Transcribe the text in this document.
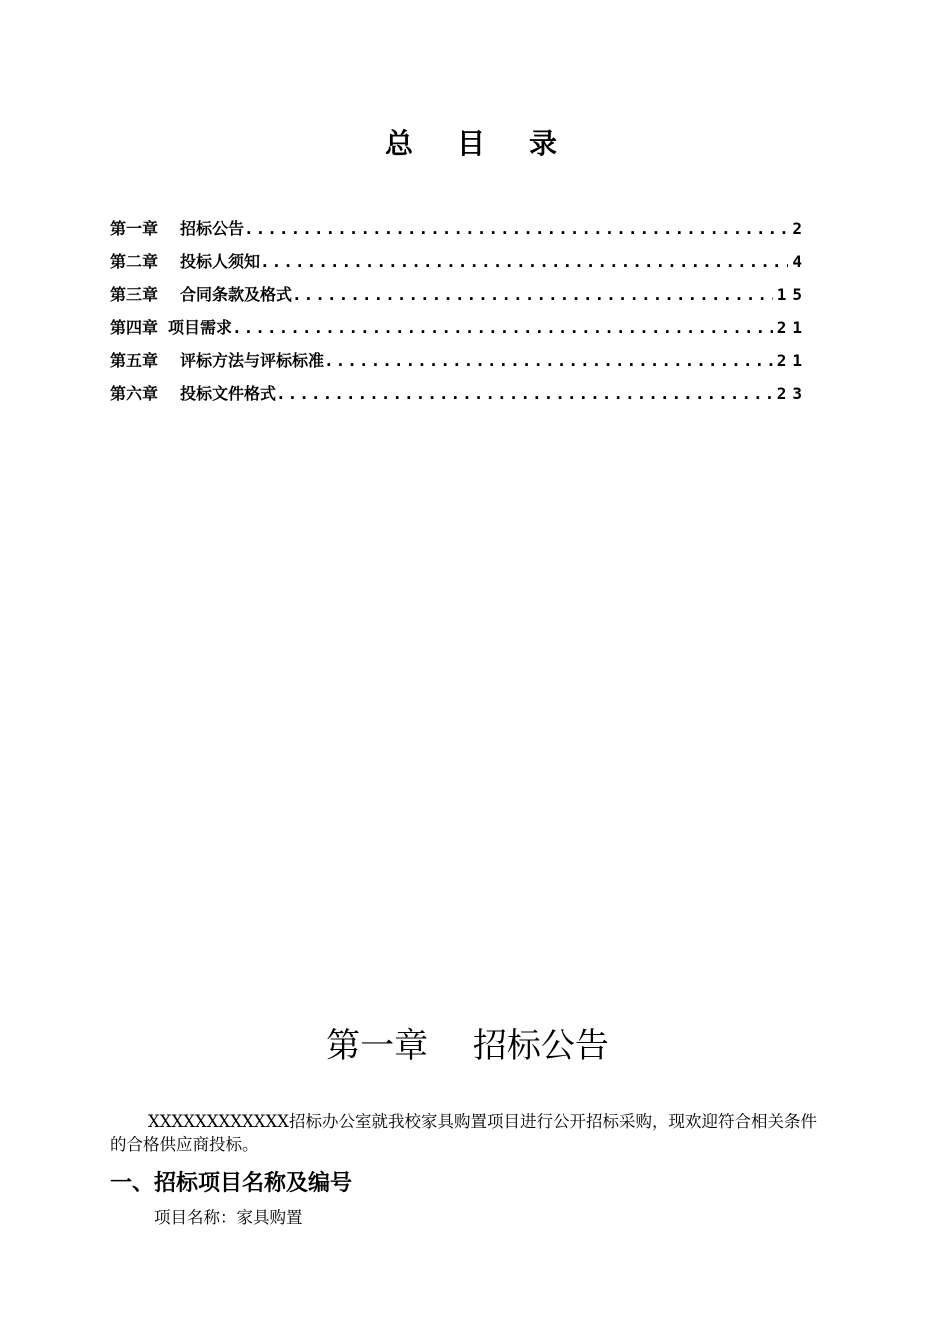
总　目　录
第一章 招标公告 .....	2
第二章 投标人须知 .....	4
第三章 合同条款及格式 .....	15
第四章 项目需求 .....	21
第五章 评标方法与评标标准 .....	21
第六章 投标文件格式 .....	23
第一章　 招标公告
XXXXXXXXXXXX招标办公室就我校家具购置项目进行公开招标采购，现欢迎符合相关条件的合格供应商投标。
一、招标项目名称及编号
项目名称：家具购置
